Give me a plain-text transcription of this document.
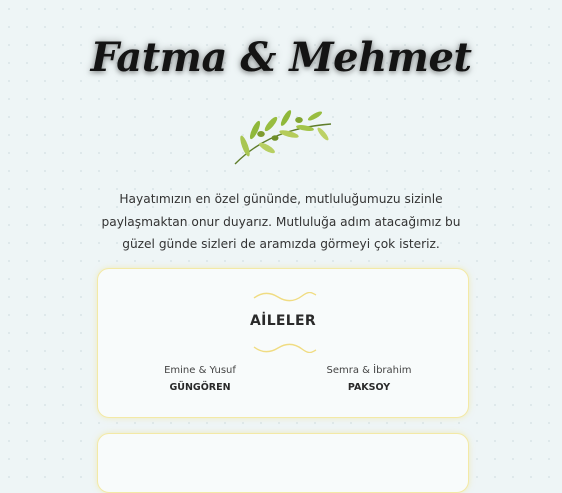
Fatma & Mehmet

Hayatımızın en özel gününde, mutluluğumuzu sizinle paylaşmaktan onur duyarız. Mutluluğa adım atacağımız bu güzel günde sizleri de aramızda görmeyi çok isteriz.

AİLELER
Emine & Yusuf
GÜNGÖREN
Semra & İbrahim
PAKSOY
